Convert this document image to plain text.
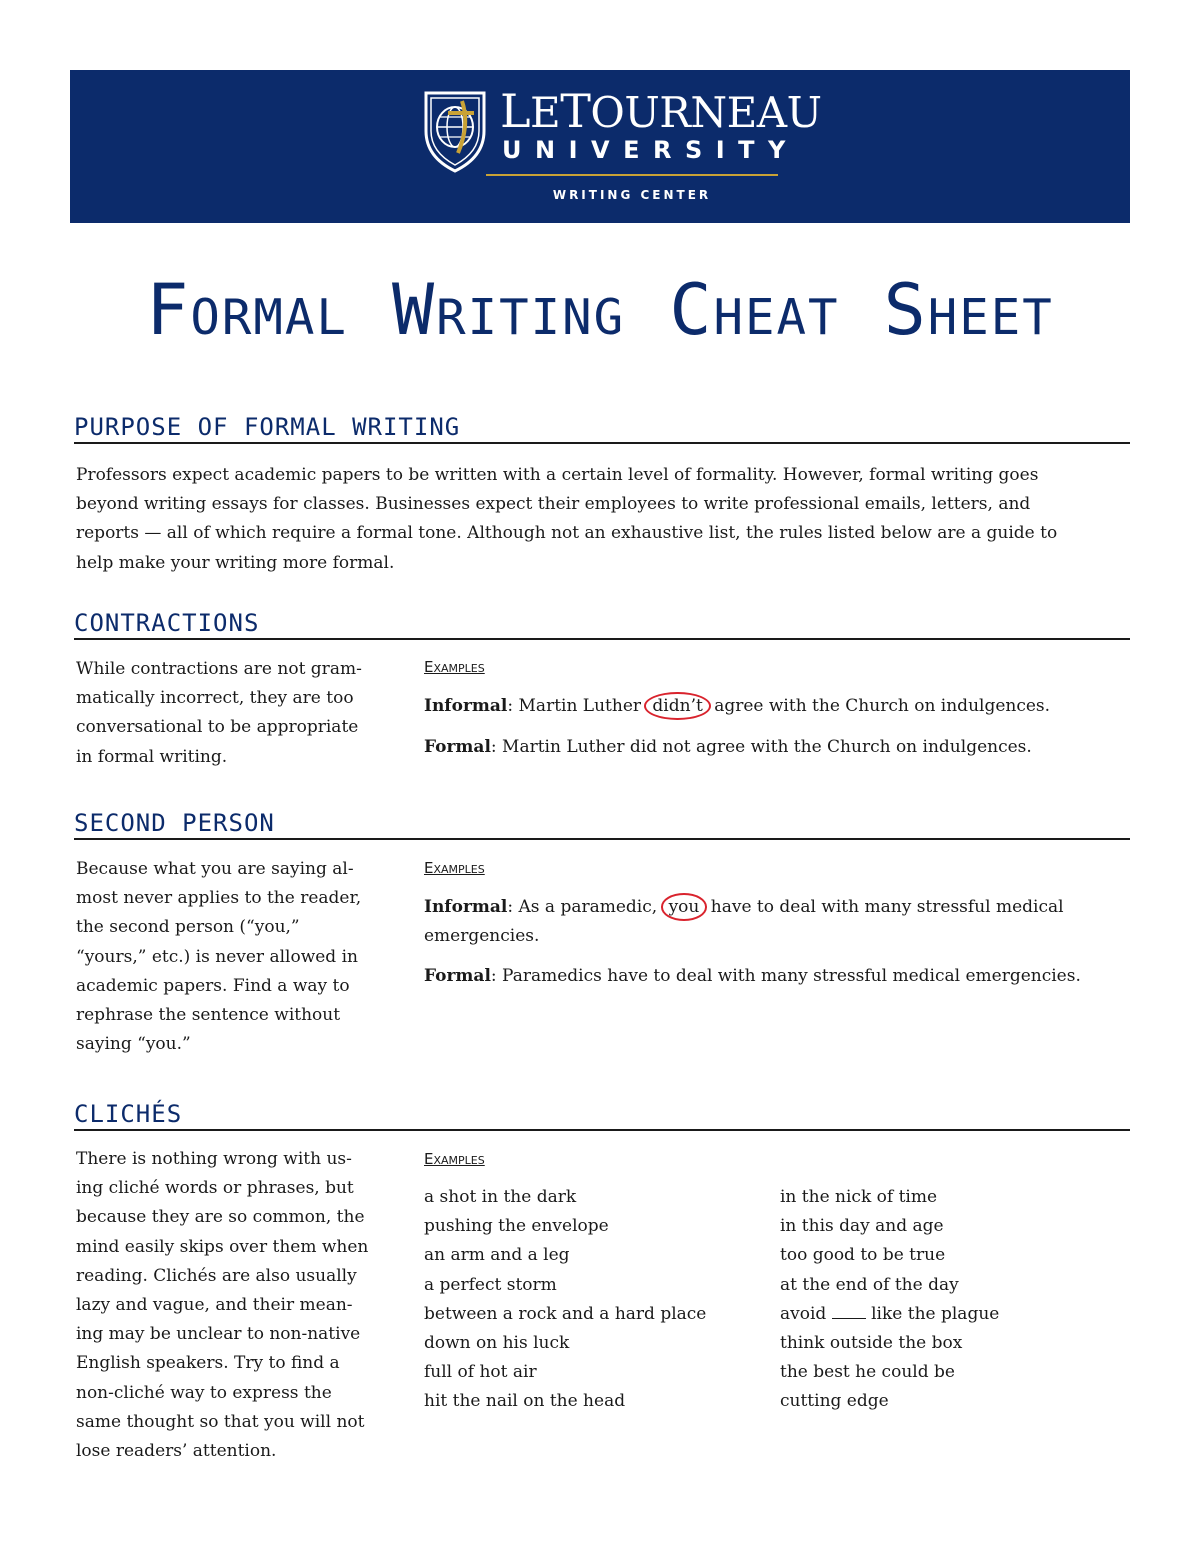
LETOURNEAU
UNIVERSITY
WRITING CENTER
Formal Writing Cheat Sheet
PURPOSE OF FORMAL WRITING
Professors expect academic papers to be written with a certain level of formality. However, formal writing goes
beyond writing essays for classes. Businesses expect their employees to write professional emails, letters, and
reports — all of which require a formal tone. Although not an exhaustive list, the rules listed below are a guide to
help make your writing more formal.
CONTRACTIONS
While contractions are not gram-
matically incorrect, they are too
conversational to be appropriate
in formal writing.
Examples

Informal: Martin Luther didn’t agree with the Church on indulgences.

Formal: Martin Luther did not agree with the Church on indulgences.

SECOND PERSON
Because what you are saying al-
most never applies to the reader,
the second person (“you,”
“yours,” etc.) is never allowed in
academic papers. Find a way to
rephrase the sentence without
saying “you.”
Examples

Informal: As a paramedic, you have to deal with many stressful medical
emergencies.

Formal: Paramedics have to deal with many stressful medical emergencies.

CLICHÉS
There is nothing wrong with us-
ing cliché words or phrases, but
because they are so common, the
mind easily skips over them when
reading. Clichés are also usually
lazy and vague, and their mean-
ing may be unclear to non-native
English speakers. Try to find a
non-cliché way to express the
same thought so that you will not
lose readers’ attention.
Examples
a shot in the dark
pushing the envelope
an arm and a leg
a perfect storm
between a rock and a hard place
down on his luck
full of hot air
hit the nail on the head
in the nick of time
in this day and age
too good to be true
at the end of the day
avoid  like the plague
think outside the box
the best he could be
cutting edge
